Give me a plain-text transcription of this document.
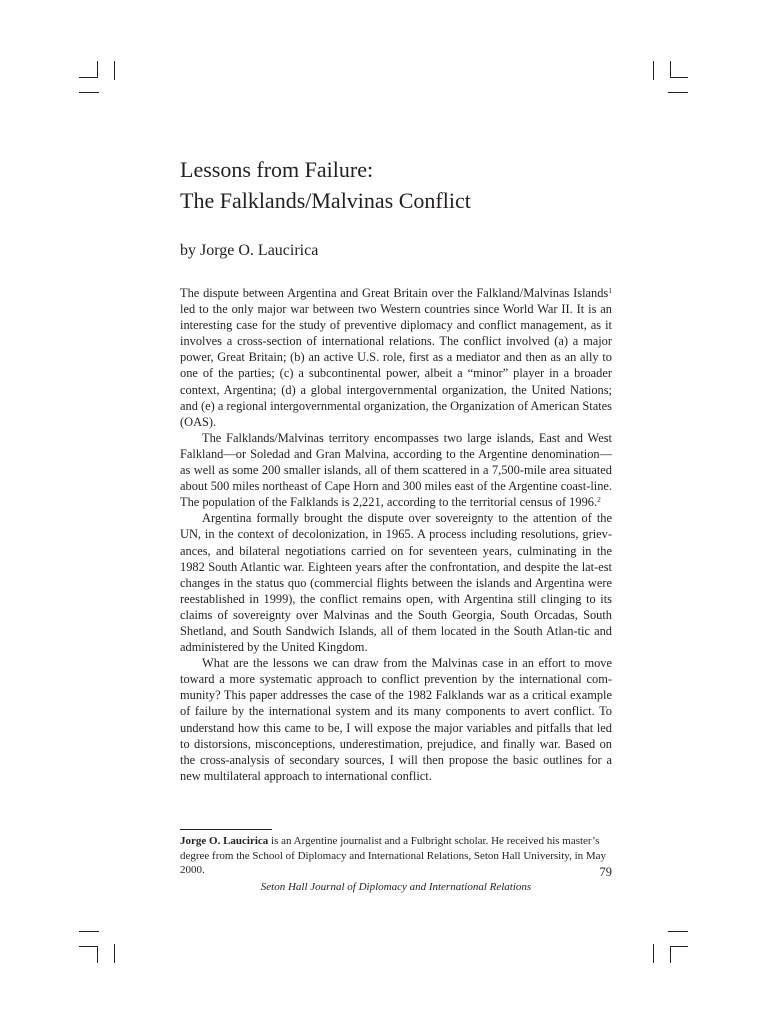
Lessons from Failure:
The Falklands/Malvinas Conflict
by Jorge O. Laucirica

The dispute between Argentina and Great Britain over the Falkland/Malvinas Islands$^1$ led to the only major war between two Western countries since World War II. It is an interesting case for the study of preventive diplomacy and conflict management, as it involves a cross-section of international relations. The conflict involved (a) a major power, Great Britain; (b) an active U.S. role, first as a mediator and then as an ally to one of the parties; (c) a subcontinental power, albeit a “minor” player in a broader context, Argentina; (d) a global intergovernmental organization, the United Nations; and (e) a regional intergovernmental organization, the Organization of American States (OAS).

The Falklands/Malvinas territory encompasses two large islands, East and West Falkland—or Soledad and Gran Malvina, according to the Argentine denomination—as well as some 200 smaller islands, all of them scattered in a 7,500-mile area situated about 500 miles northeast of Cape Horn and 300 miles east of the Argentine coast-line. The population of the Falklands is 2,221, according to the territorial census of 1996.$^2$

Argentina formally brought the dispute over sovereignty to the attention of the UN, in the context of decolonization, in 1965. A process including resolutions, griev-ances, and bilateral negotiations carried on for seventeen years, culminating in the 1982 South Atlantic war. Eighteen years after the confrontation, and despite the lat-est changes in the status quo (commercial flights between the islands and Argentina were reestablished in 1999), the conflict remains open, with Argentina still clinging to its claims of sovereignty over Malvinas and the South Georgia, South Orcadas, South Shetland, and South Sandwich Islands, all of them located in the South Atlan-tic and administered by the United Kingdom.

What are the lessons we can draw from the Malvinas case in an effort to move toward a more systematic approach to conflict prevention by the international com-munity? This paper addresses the case of the 1982 Falklands war as a critical example of failure by the international system and its many components to avert conflict. To understand how this came to be, I will expose the major variables and pitfalls that led to distorsions, misconceptions, underestimation, prejudice, and finally war. Based on the cross-analysis of secondary sources, I will then propose the basic outlines for a new multilateral approach to international conflict.

Jorge O. Laucirica is an Argentine journalist and a Fulbright scholar. He received his master’s degree from the School of Diplomacy and International Relations, Seton Hall University, in May 2000.	79
Seton Hall Journal of Diplomacy and International Relations
